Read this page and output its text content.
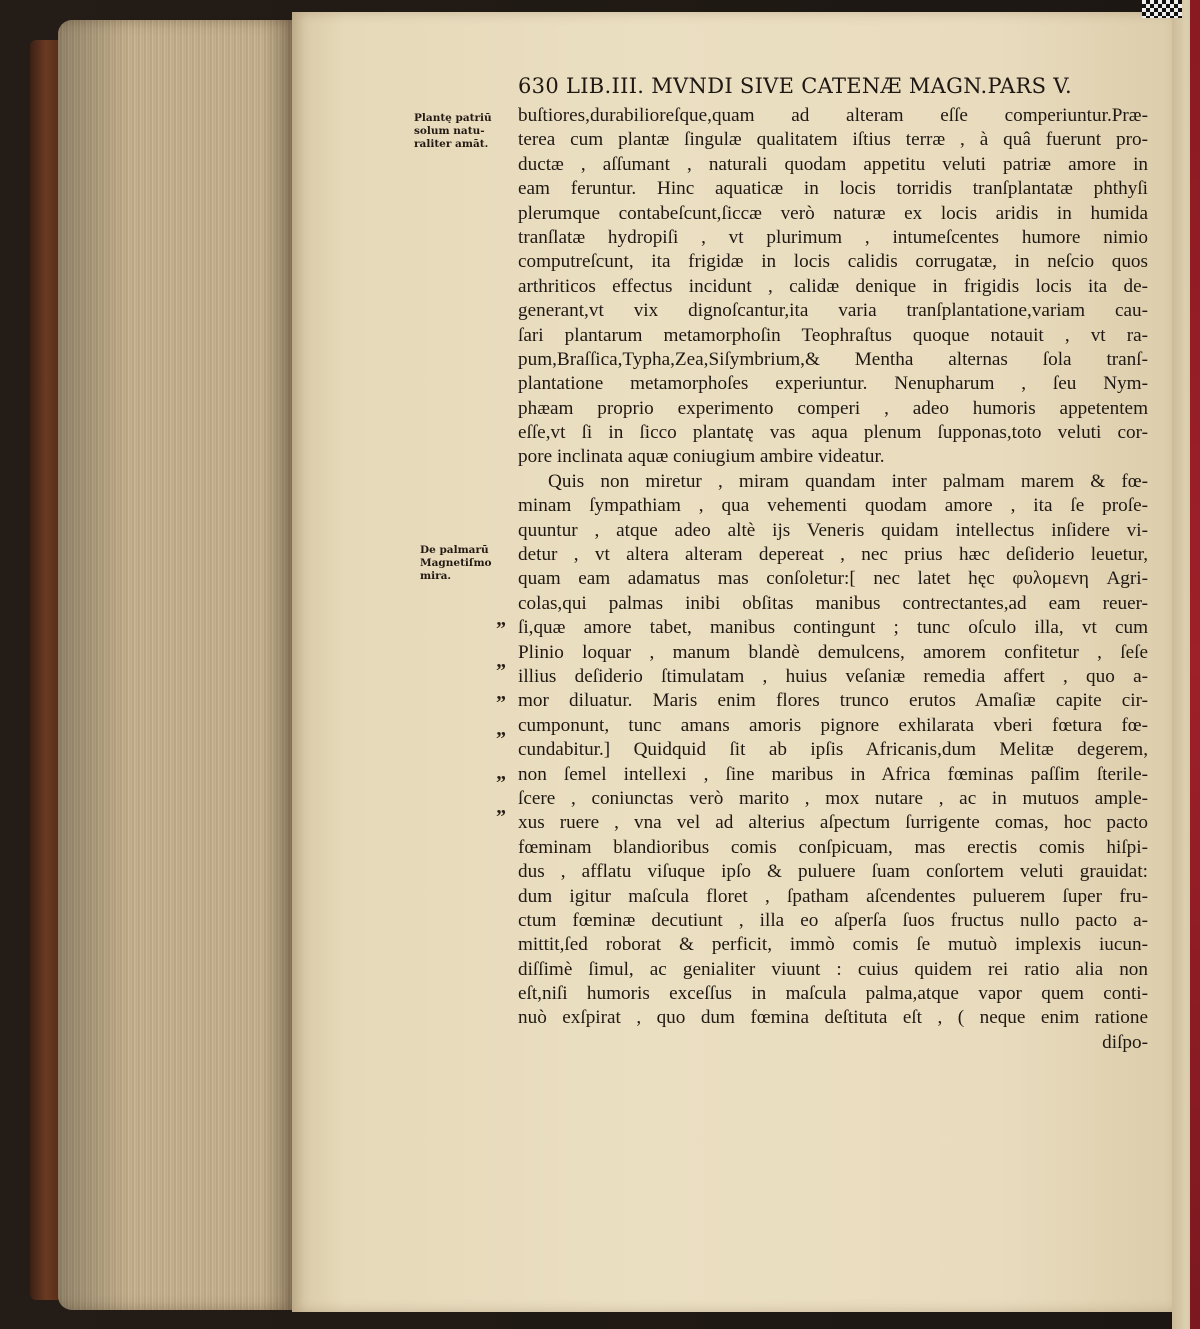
630 LIB.III. MVNDI SIVE CATENÆ MAGN.PARS V.
Plantę patriū
solum natu-
raliter amāt.
De palmarū
Magnetiſmo
mira.
”
”
”
”
”
”
buſtiores,durabilioreſque,quam ad alteram eſſe comperiuntur.Præ-
terea cum plantæ ſingulæ qualitatem iſtius terræ , à quâ fuerunt pro-
ductæ , aſſumant , naturali quodam appetitu veluti patriæ amore in
eam feruntur. Hinc aquaticæ in locis torridis tranſplantatæ phthyſi
plerumque contabeſcunt,ſiccæ verò naturæ ex locis aridis in humida
tranſlatæ hydropiſi , vt plurimum , intumeſcentes humore nimio
computreſcunt, ita frigidæ in locis calidis corrugatæ, in neſcio quos
arthriticos effectus incidunt , calidæ denique in frigidis locis ita de-
generant,vt vix dignoſcantur,ita varia tranſplantatione,variam cau-
ſari plantarum metamorphoſin Teophraſtus quoque notauit , vt ra-
pum,Braſſica,Typha,Zea,Siſymbrium,& Mentha alternas ſola tranſ-
plantatione metamorphoſes experiuntur. Nenupharum , ſeu Nym-
phæam proprio experimento comperi , adeo humoris appetentem
eſſe,vt ſi in ſicco plantatę vas aqua plenum ſupponas,toto veluti cor-
pore inclinata aquæ coniugium ambire videatur.
Quis non miretur , miram quandam inter palmam marem & fœ-
minam ſympathiam , qua vehementi quodam amore , ita ſe proſe-
quuntur , atque adeo altè ijs Veneris quidam intellectus inſidere vi-
detur , vt altera alteram depereat , nec prius hæc deſiderio leuetur,
quam eam adamatus mas conſoletur:[ nec latet hęc φυλομενη Agri-
colas,qui palmas inibi obſitas manibus contrectantes,ad eam reuer-
ſi,quæ amore tabet, manibus contingunt ; tunc oſculo illa, vt cum
Plinio loquar , manum blandè demulcens, amorem confitetur , ſeſe
illius deſiderio ſtimulatam , huius veſaniæ remedia affert , quo a-
mor diluatur. Maris enim flores trunco erutos Amaſiæ capite cir-
cumponunt, tunc amans amoris pignore exhilarata vberi fœtura fœ-
cundabitur.] Quidquid ſit ab ipſis Africanis,dum Melitæ degerem,
non ſemel intellexi , ſine maribus in Africa fœminas paſſim ſterile-
ſcere , coniunctas verò marito , mox nutare , ac in mutuos ample-
xus ruere , vna vel ad alterius aſpectum ſurrigente comas, hoc pacto
fœminam blandioribus comis conſpicuam, mas erectis comis hiſpi-
dus , afflatu viſuque ipſo & puluere ſuam conſortem veluti grauidat:
dum igitur maſcula floret , ſpatham aſcendentes puluerem ſuper fru-
ctum fœminæ decutiunt , illa eo aſperſa ſuos fructus nullo pacto a-
mittit,ſed roborat & perficit, immò comis ſe mutuò implexis iucun-
diſſimè ſimul, ac genialiter viuunt : cuius quidem rei ratio alia non
eſt,niſi humoris exceſſus in maſcula palma,atque vapor quem conti-
nuò exſpirat , quo dum fœmina deſtituta eſt , ( neque enim ratione
diſpo-
